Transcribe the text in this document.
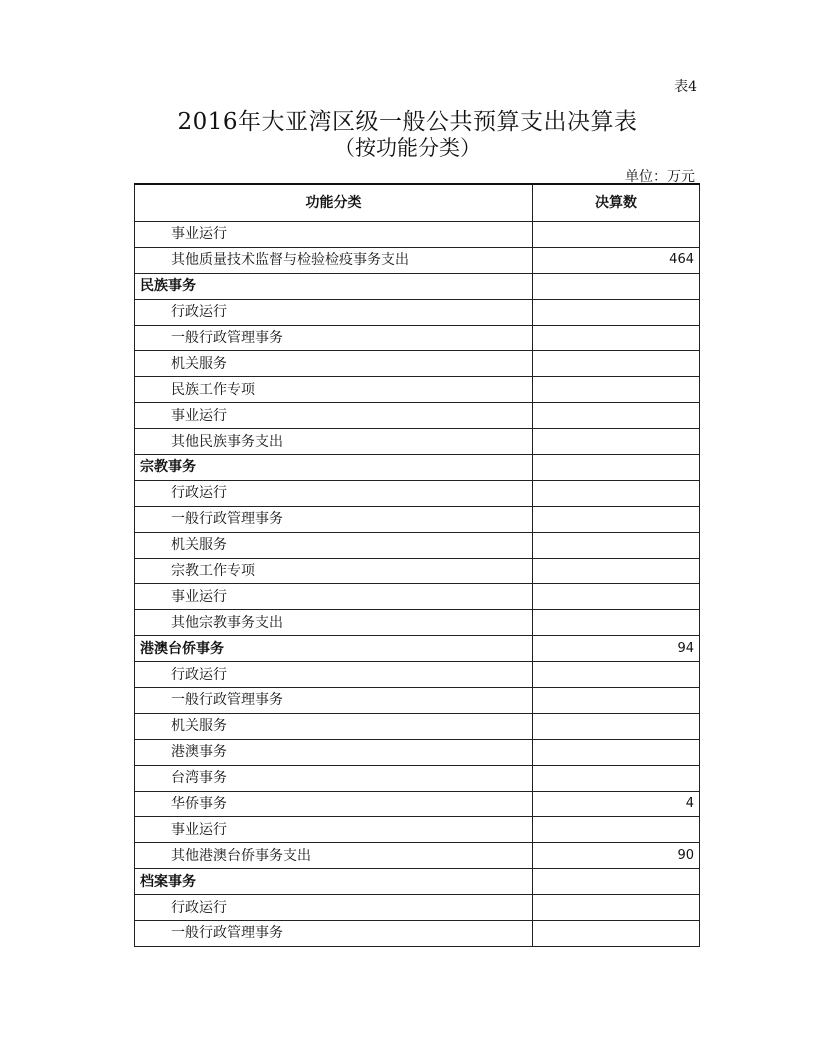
表4
2016年大亚湾区级一般公共预算支出决算表
（按功能分类）
单位：万元
功能分类	决算数
事业运行	
其他质量技术监督与检验检疫事务支出	464
民族事务	
行政运行	
一般行政管理事务	
机关服务	
民族工作专项	
事业运行	
其他民族事务支出	
宗教事务	
行政运行	
一般行政管理事务	
机关服务	
宗教工作专项	
事业运行	
其他宗教事务支出	
港澳台侨事务	94
行政运行	
一般行政管理事务	
机关服务	
港澳事务	
台湾事务	
华侨事务	4
事业运行	
其他港澳台侨事务支出	90
档案事务	
行政运行	
一般行政管理事务	
